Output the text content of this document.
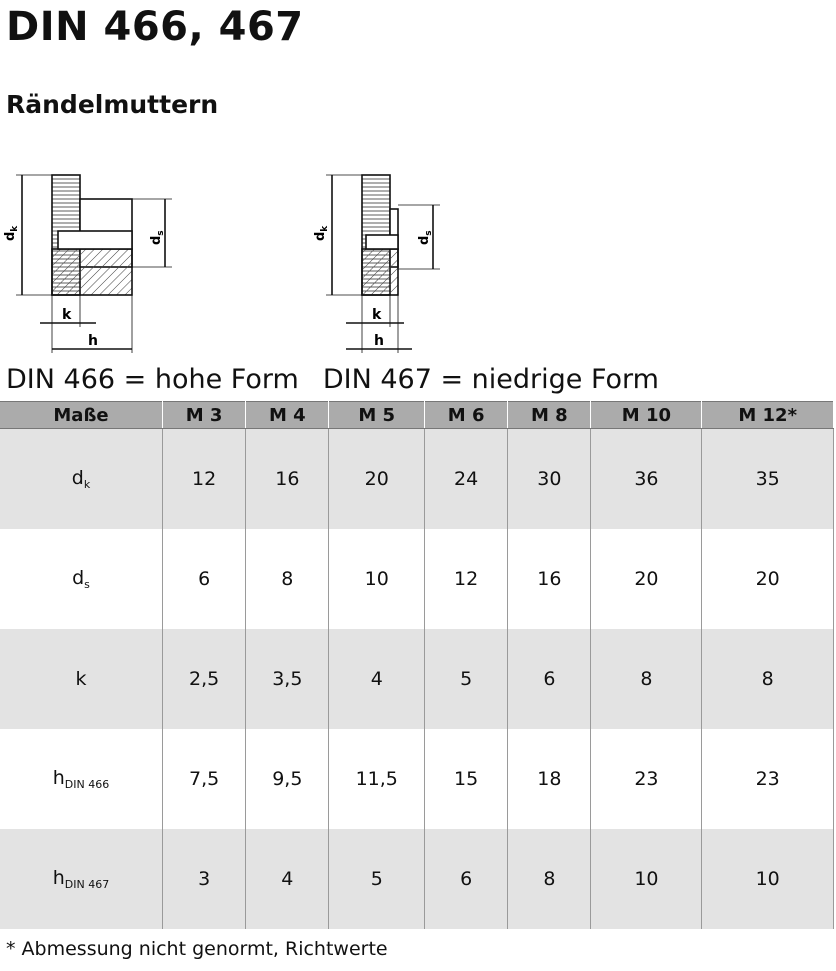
DIN 466, 467
Rändelmuttern
$d_k$
$d_s$
k
h
$d_k$
$d_s$
k
h
DIN 466 = hohe Form DIN 467 = niedrige Form
Maße	M 3	M 4	M 5	M 6	M 8	M 10	M 12*
$d_k$	12	16	20	24	30	36	35
$d_s$	6	8	10	12	16	20	20
k	2,5	3,5	4	5	6	8	8
$h_{DIN 466}$	7,5	9,5	11,5	15	18	23	23
$h_{DIN 467}$	3	4	5	6	8	10	10
* Abmessung nicht genormt, Richtwerte
